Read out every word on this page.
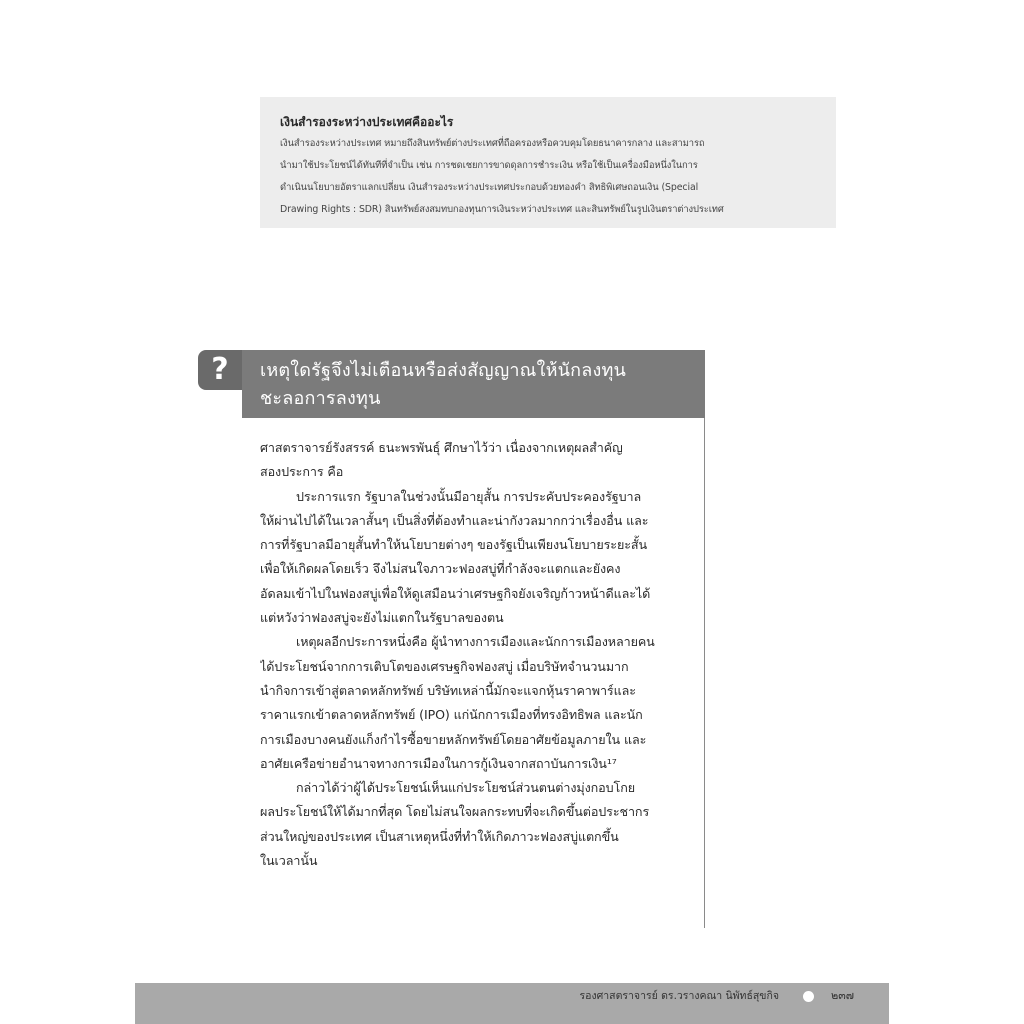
เงินสำรองระหว่างประเทศคืออะไร
เงินสำรองระหว่างประเทศ หมายถึงสินทรัพย์ต่างประเทศที่ถือครองหรือควบคุมโดยธนาคารกลาง และสามารถ
นำมาใช้ประโยชน์ได้ทันทีที่จำเป็น เช่น การชดเชยการขาดดุลการชำระเงิน หรือใช้เป็นเครื่องมือหนึ่งในการ
ดำเนินนโยบายอัตราแลกเปลี่ยน เงินสำรองระหว่างประเทศประกอบด้วยทองคำ สิทธิพิเศษถอนเงิน (Special
Drawing Rights : SDR) สินทรัพย์สงสมทบกองทุนการเงินระหว่างประเทศ และสินทรัพย์ในรูปเงินตราต่างประเทศ
?	เหตุใดรัฐจึงไม่เตือนหรือส่งสัญญาณให้นักลงทุน
ชะลอการลงทุน
ศาสตราจารย์รังสรรค์ ธนะพรพันธุ์ ศึกษาไว้ว่า เนื่องจากเหตุผลสำคัญ
สองประการ คือ
ประการแรก รัฐบาลในช่วงนั้นมีอายุสั้น การประคับประคองรัฐบาล
ให้ผ่านไปได้ในเวลาสั้นๆ เป็นสิ่งที่ต้องทำและน่ากังวลมากกว่าเรื่องอื่น และ
การที่รัฐบาลมีอายุสั้นทำให้นโยบายต่างๆ ของรัฐเป็นเพียงนโยบายระยะสั้น
เพื่อให้เกิดผลโดยเร็ว จึงไม่สนใจภาวะฟองสบู่ที่กำลังจะแตกและยังคง
อัดลมเข้าไปในฟองสบู่เพื่อให้ดูเสมือนว่าเศรษฐกิจยังเจริญก้าวหน้าดีและได้
แต่หวังว่าฟองสบู่จะยังไม่แตกในรัฐบาลของตน
เหตุผลอีกประการหนึ่งคือ ผู้นำทางการเมืองและนักการเมืองหลายคน
ได้ประโยชน์จากการเติบโตของเศรษฐกิจฟองสบู่ เมื่อบริษัทจำนวนมาก
นำกิจการเข้าสู่ตลาดหลักทรัพย์ บริษัทเหล่านี้มักจะแจกหุ้นราคาพาร์และ
ราคาแรกเข้าตลาดหลักทรัพย์ (IPO) แก่นักการเมืองที่ทรงอิทธิพล และนัก
การเมืองบางคนยังแก็งกำไรซื้อขายหลักทรัพย์โดยอาศัยข้อมูลภายใน และ
อาศัยเครือข่ายอำนาจทางการเมืองในการกู้เงินจากสถาบันการเงิน¹⁷
กล่าวได้ว่าผู้ได้ประโยชน์เห็นแก่ประโยชน์ส่วนตนต่างมุ่งกอบโกย
ผลประโยชน์ให้ได้มากที่สุด โดยไม่สนใจผลกระทบที่จะเกิดขึ้นต่อประชากร
ส่วนใหญ่ของประเทศ เป็นสาเหตุหนึ่งที่ทำให้เกิดภาวะฟองสบู่แตกขึ้น
ในเวลานั้น
รองศาสตราจารย์ ดร.วรางคณา นิพัทธ์สุขกิจ	๒๓๗
